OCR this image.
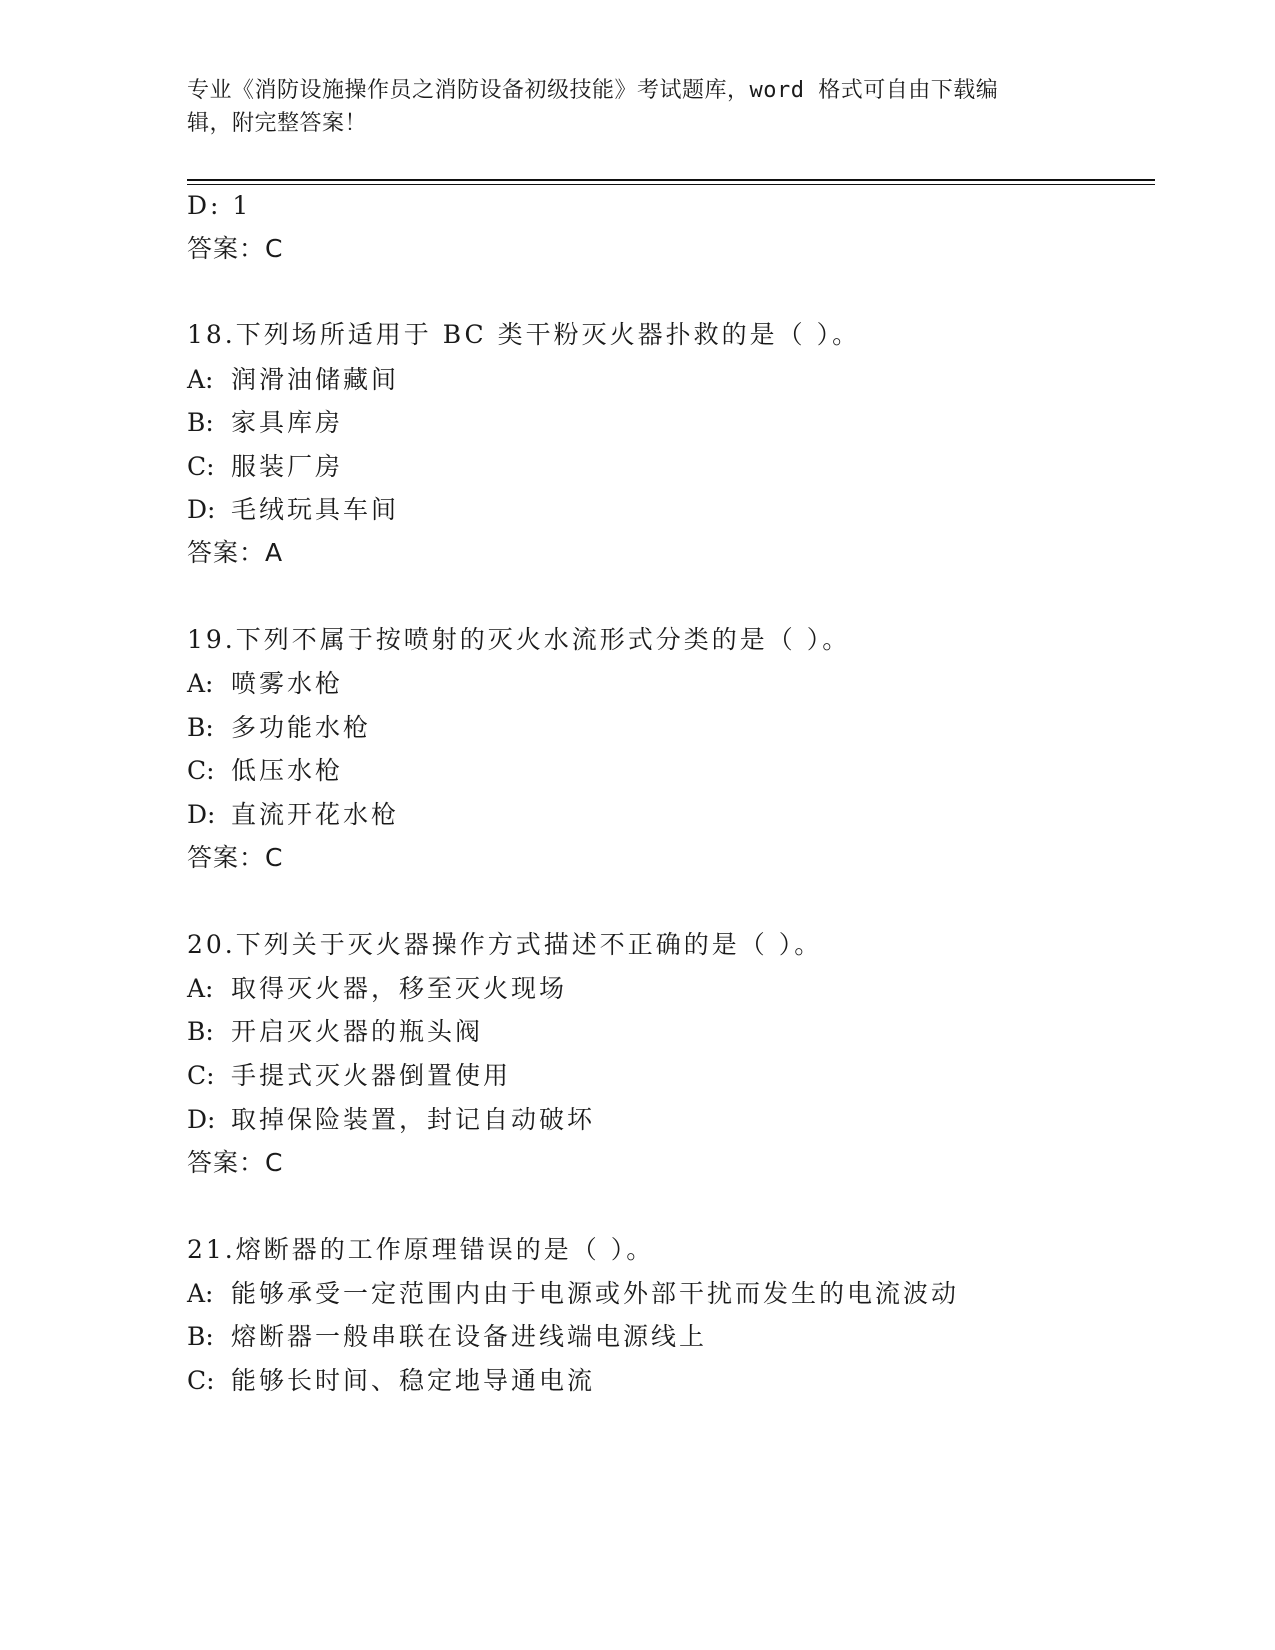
专业《消防设施操作员之消防设备初级技能》考试题库，word 格式可自由下载编
辑，附完整答案！
D: 1
答案：C
18.下列场所适用于 BC 类干粉灭火器扑救的是（ ）。
A: 润滑油储藏间
B: 家具库房
C: 服装厂房
D: 毛绒玩具车间
答案：A
19.下列不属于按喷射的灭火水流形式分类的是（ ）。
A: 喷雾水枪
B: 多功能水枪
C: 低压水枪
D: 直流开花水枪
答案：C
20.下列关于灭火器操作方式描述不正确的是（ ）。
A: 取得灭火器，移至灭火现场
B: 开启灭火器的瓶头阀
C: 手提式灭火器倒置使用
D: 取掉保险装置，封记自动破坏
答案：C
21.熔断器的工作原理错误的是（ ）。
A: 能够承受一定范围内由于电源或外部干扰而发生的电流波动
B: 熔断器一般串联在设备进线端电源线上
C: 能够长时间、稳定地导通电流
